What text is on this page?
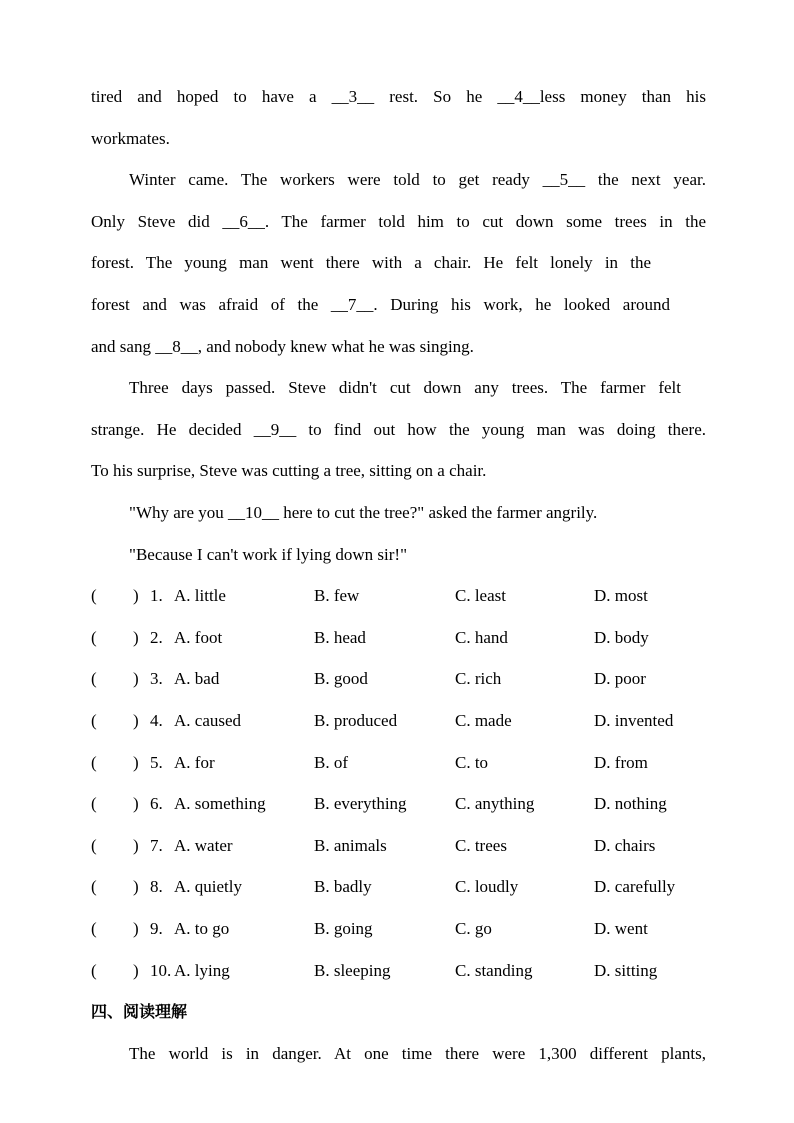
tired and hoped to have a __3__ rest. So he __4__less money than his
workmates.
Winter came. The workers were told to get ready __5__ the next year.
Only Steve did __6__. The farmer told him to cut down some trees in the
forest. The young man went there with a chair. He felt lonely in the
forest and was afraid of the __7__. During his work, he looked around
and sang __8__, and nobody knew what he was singing.
Three days passed. Steve didn't cut down any trees. The farmer felt
strange. He decided __9__ to find out how the young man was doing there.
To his surprise, Steve was cutting a tree, sitting on a chair.
"Why are you __10__ here to cut the tree?" asked the farmer angrily.
"Because I can't work if lying down sir!"
( ) 1. A. little	B. few	C. least	D. most
( ) 2. A. foot	B. head	C. hand	D. body
( ) 3. A. bad	B. good	C. rich	D. poor
( ) 4. A. caused	B. produced	C. made	D. invented
( ) 5. A. for	B. of	C. to	D. from
( ) 6. A. something	B. everything	C. anything	D. nothing
( ) 7. A. water	B. animals	C. trees	D. chairs
( ) 8. A. quietly	B. badly	C. loudly	D. carefully
( ) 9. A. to go	B. going	C. go	D. went
( ) 10. A. lying	B. sleeping	C. standing	D. sitting
四、阅读理解
The world is in danger. At one time there were 1,300 different plants,
